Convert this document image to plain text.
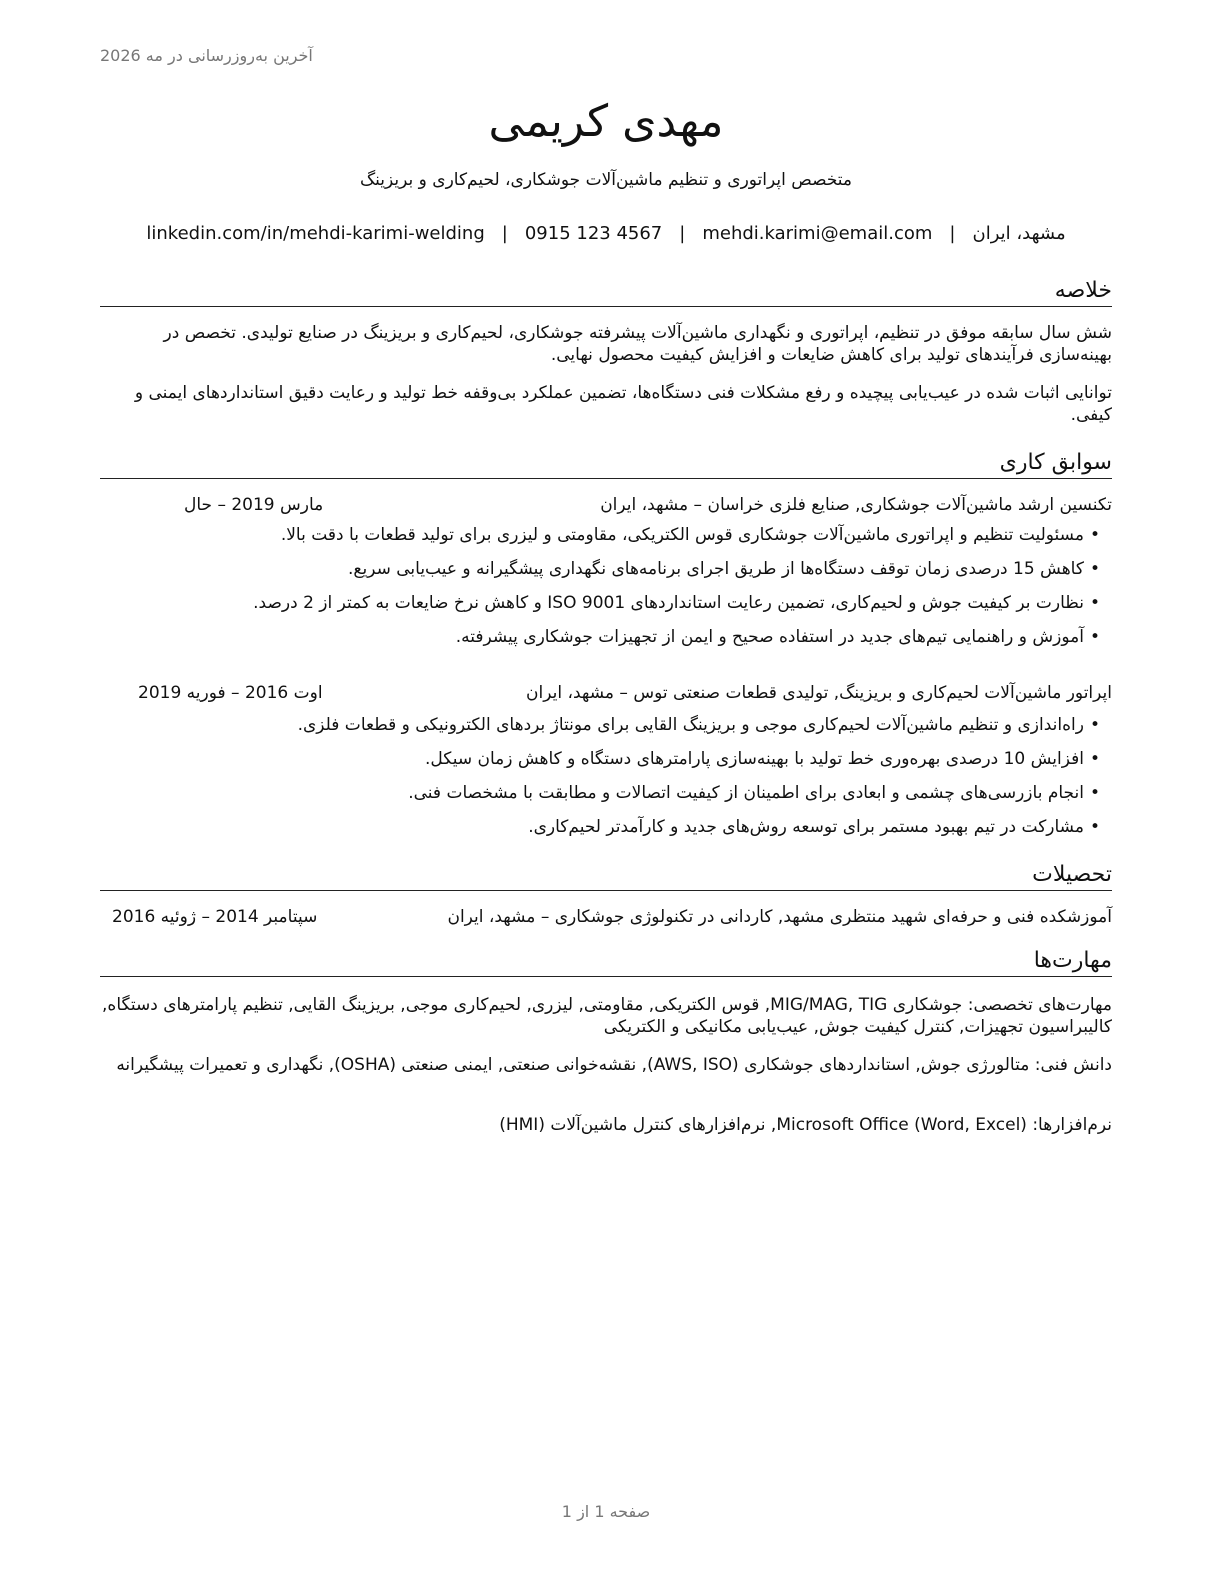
آخرین به‌روزرسانی در مه 2026
مهدی کریمی
متخصص اپراتوری و تنظیم ماشین‌آلات جوشکاری، لحیم‌کاری و بریزینگ
مشهد، ایران|mehdi.karimi@email.com|0915 123 4567|linkedin.com/in/mehdi-karimi-welding
خلاصه
شش سال سابقه موفق در تنظیم، اپراتوری و نگهداری ماشین‌آلات پیشرفته جوشکاری، لحیم‌کاری و بریزینگ در صنایع تولیدی. تخصص در بهینه‌سازی فرآیندهای تولید برای کاهش ضایعات و افزایش کیفیت محصول نهایی.
توانایی اثبات شده در عیب‌یابی پیچیده و رفع مشکلات فنی دستگاه‌ها، تضمین عملکرد بی‌وقفه خط تولید و رعایت دقیق استانداردهای ایمنی و کیفی.
سوابق کاری
تکنسین ارشد ماشین‌آلات جوشکاری, صنایع فلزی خراسان – مشهد، ایران
مارس 2019 – حال
•مسئولیت تنظیم و اپراتوری ماشین‌آلات جوشکاری قوس الکتریکی، مقاومتی و لیزری برای تولید قطعات با دقت بالا.
•کاهش 15 درصدی زمان توقف دستگاه‌ها از طریق اجرای برنامه‌های نگهداری پیشگیرانه و عیب‌یابی سریع.
•نظارت بر کیفیت جوش و لحیم‌کاری، تضمین رعایت استانداردهای ISO 9001 و کاهش نرخ ضایعات به کمتر از 2 درصد.
•آموزش و راهنمایی تیم‌های جدید در استفاده صحیح و ایمن از تجهیزات جوشکاری پیشرفته.
اپراتور ماشین‌آلات لحیم‌کاری و بریزینگ, تولیدی قطعات صنعتی توس – مشهد، ایران
اوت 2016 – فوریه 2019
•راه‌اندازی و تنظیم ماشین‌آلات لحیم‌کاری موجی و بریزینگ القایی برای مونتاژ بردهای الکترونیکی و قطعات فلزی.
•افزایش 10 درصدی بهره‌وری خط تولید با بهینه‌سازی پارامترهای دستگاه و کاهش زمان سیکل.
•انجام بازرسی‌های چشمی و ابعادی برای اطمینان از کیفیت اتصالات و مطابقت با مشخصات فنی.
•مشارکت در تیم بهبود مستمر برای توسعه روش‌های جدید و کارآمدتر لحیم‌کاری.
تحصیلات
آموزشکده فنی و حرفه‌ای شهید منتظری مشهد, کاردانی در تکنولوژی جوشکاری – مشهد، ایران
سپتامبر 2014 – ژوئیه 2016
مهارت‌ها
مهارت‌های تخصصی: جوشکاری MIG/MAG, TIG, قوس الکتریکی, مقاومتی, لیزری, لحیم‌کاری موجی, بریزینگ القایی, تنظیم پارامترهای دستگاه, کالیبراسیون تجهیزات, کنترل کیفیت جوش, عیب‌یابی مکانیکی و الکتریکی
دانش فنی: متالورژی جوش, استانداردهای جوشکاری (AWS, ISO), نقشه‌خوانی صنعتی, ایمنی صنعتی (OSHA), نگهداری و تعمیرات پیشگیرانه
نرم‌افزارها: Microsoft Office (Word, Excel), نرم‌افزارهای کنترل ماشین‌آلات (HMI)
صفحه 1 از 1
